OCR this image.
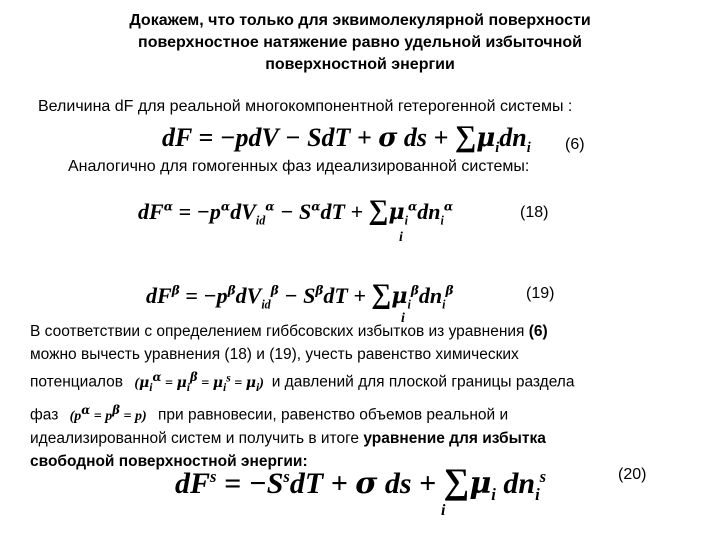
Докажем, что только для эквимолекулярной поверхности
поверхностное натяжение равно удельной избыточной
поверхностной энергии
Величина dF для реальной многокомпонентной гетерогенной системы :
dF = −pdV − SdT + σ ds + $\sum\mu_idn_i$ (6)
Аналогично для гомогенных фаз идеализированной системы:
$dF^\alpha = -p^\alpha dV_{id}^\alpha - S^\alpha dT + \sum\mu_i^\alpha dn_i^\alpha$
i
(18)
$dF^\beta = -p^\beta dV_{id}^\beta - S^\beta dT + \sum\mu_i^\beta dn_i^\beta$
i
(19)
В соответствии с определением гиббсовских избытков из уравнения (6)
можно вычесть уравнения (18) и (19), учесть равенство химических
потенциалов   $(\mu_i^\alpha = \mu_i^\beta = \mu_i^s = \mu_i)$  и давлений для плоской границы раздела
фаз   $(p^\alpha = p^\beta = p)$   при равновесии, равенство объемов реальной и
идеализированной систем и получить в итоге уравнение для избытка
свободной поверхностной энергии:
$dF^s = -S^sdT + \sigma$ ds + $\sum\mu_i$ $dn_i^s$
i
(20)
